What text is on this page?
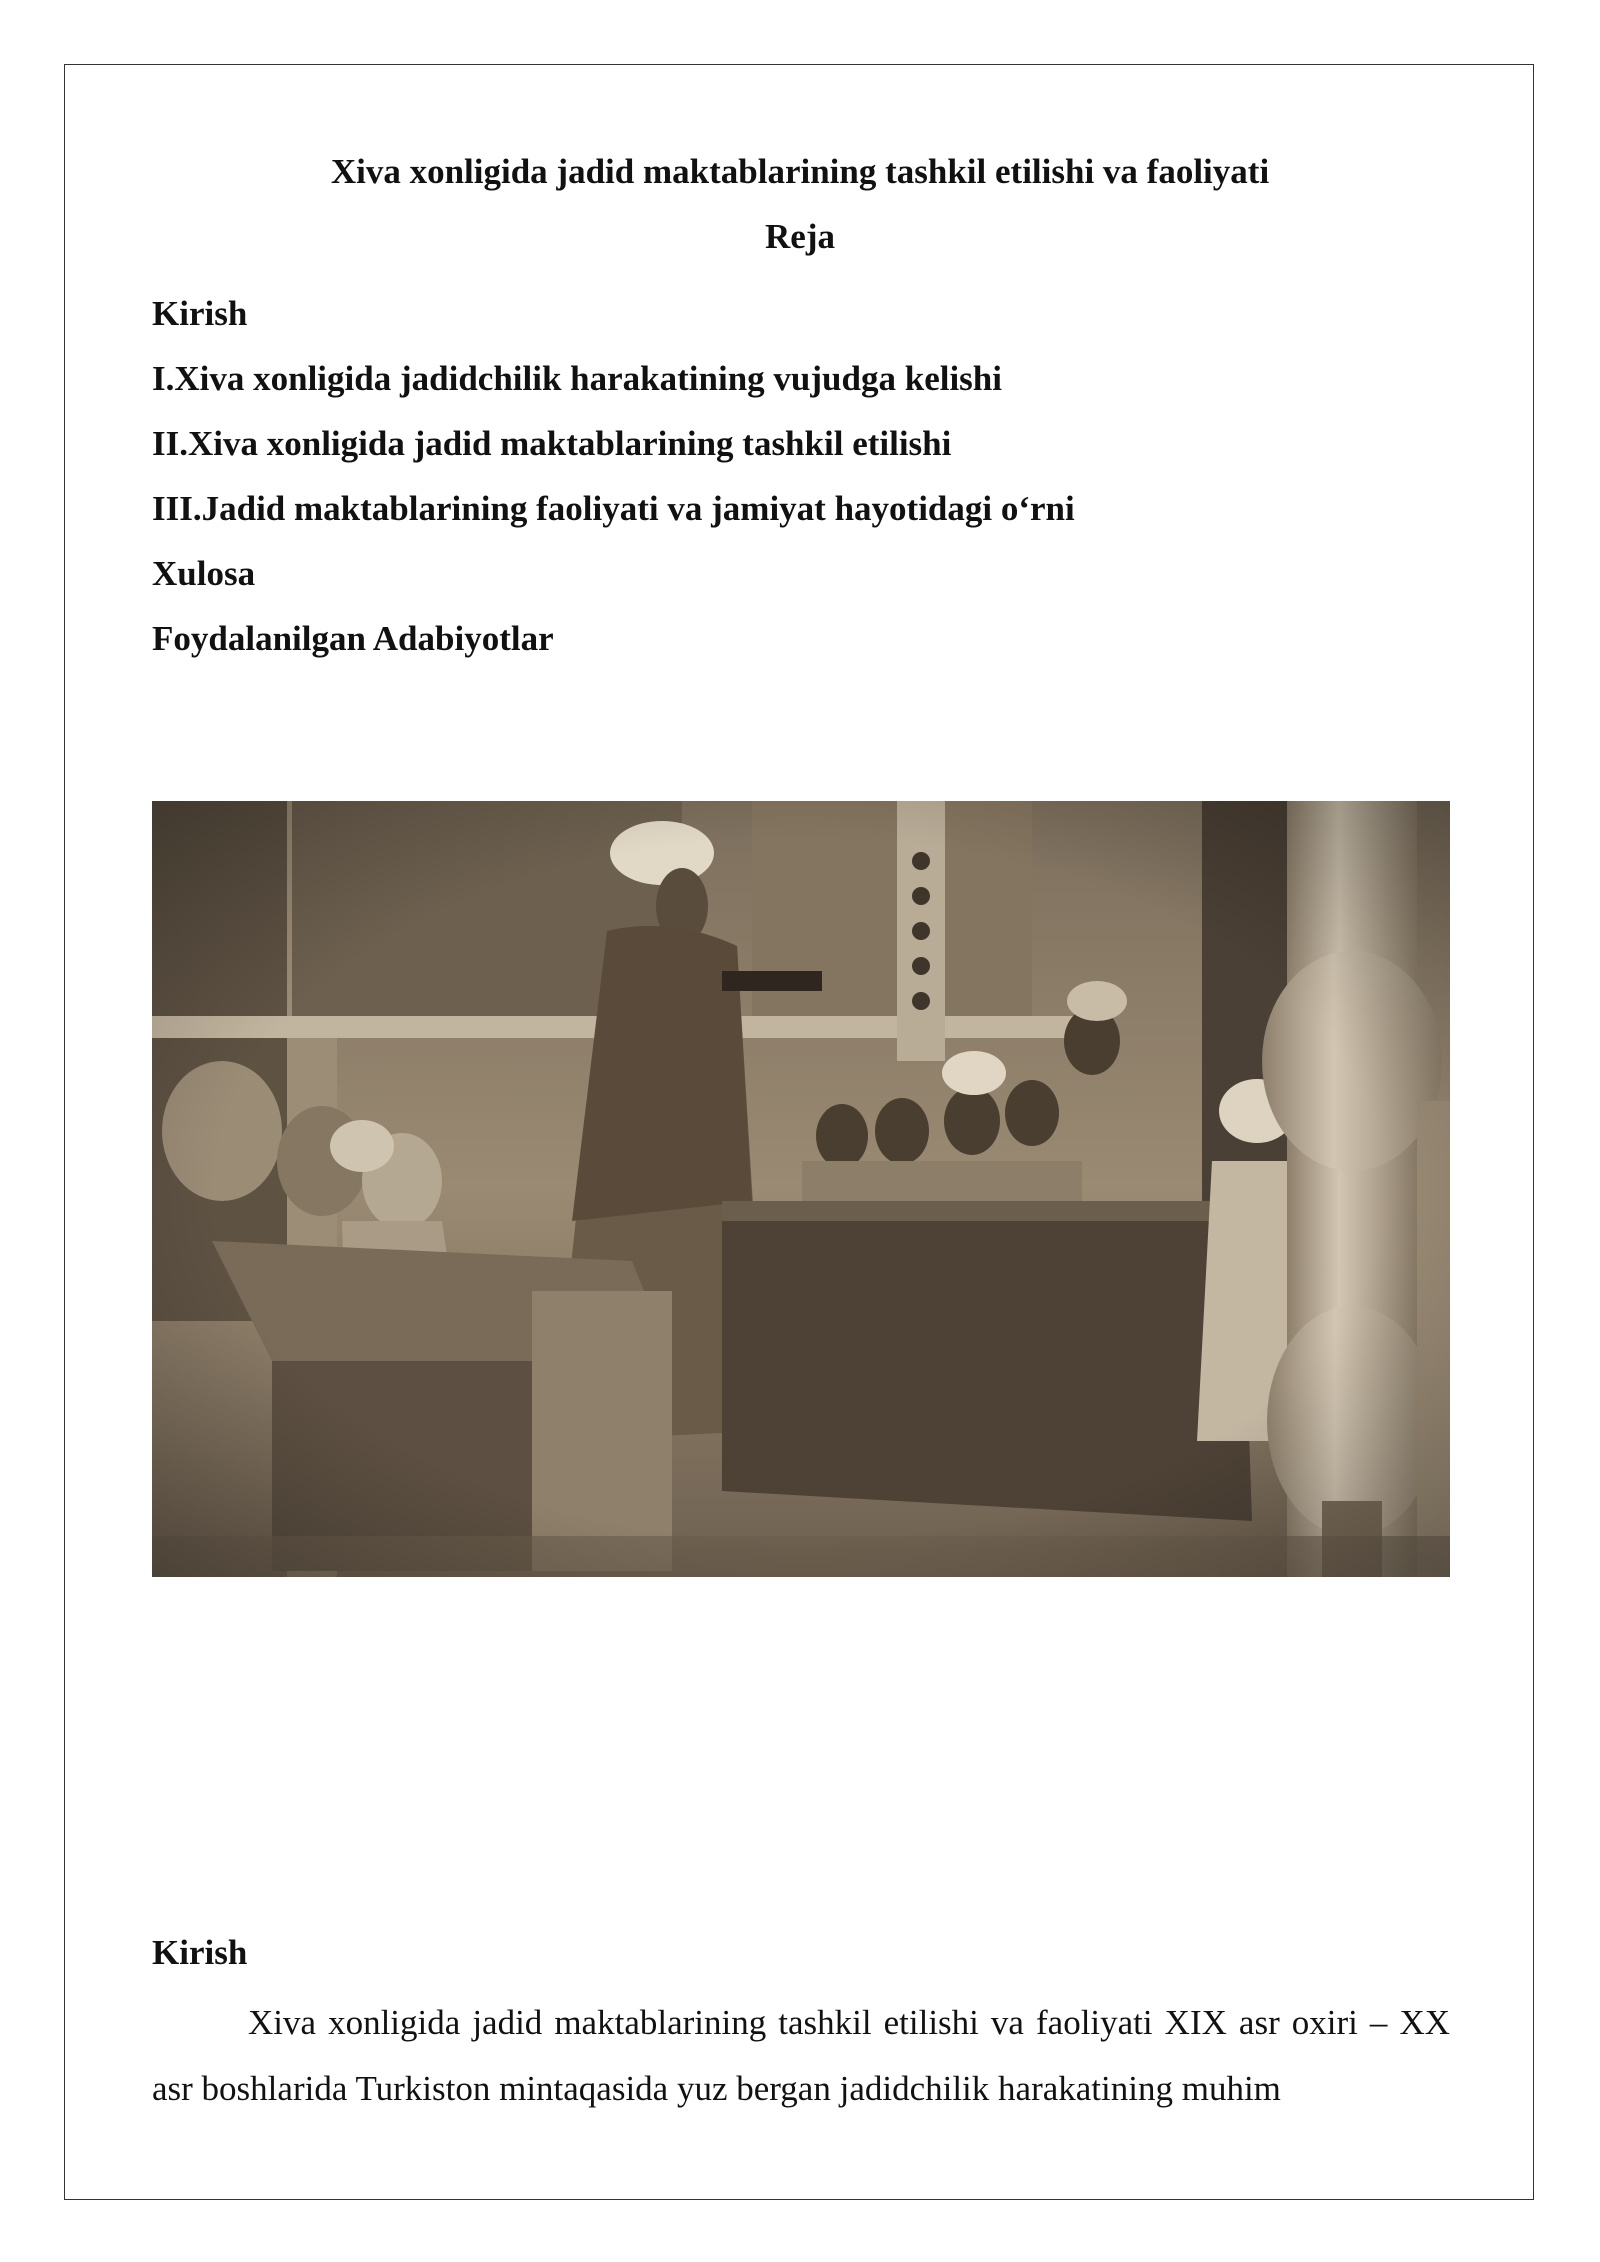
Xiva xonligida jadid maktablarining tashkil etilishi va faoliyati
Reja
Kirish
I.Xiva xonligida jadidchilik harakatining vujudga kelishi
II.Xiva xonligida jadid maktablarining tashkil etilishi
III.Jadid maktablarining faoliyati va jamiyat hayotidagi o‘rni
Xulosa
Foydalanilgan Adabiyotlar
Kirish

Xiva xonligida jadid maktablarining tashkil etilishi va faoliyati XIX asr oxiri – XX asr boshlarida Turkiston mintaqasida yuz bergan jadidchilik harakatining muhim
